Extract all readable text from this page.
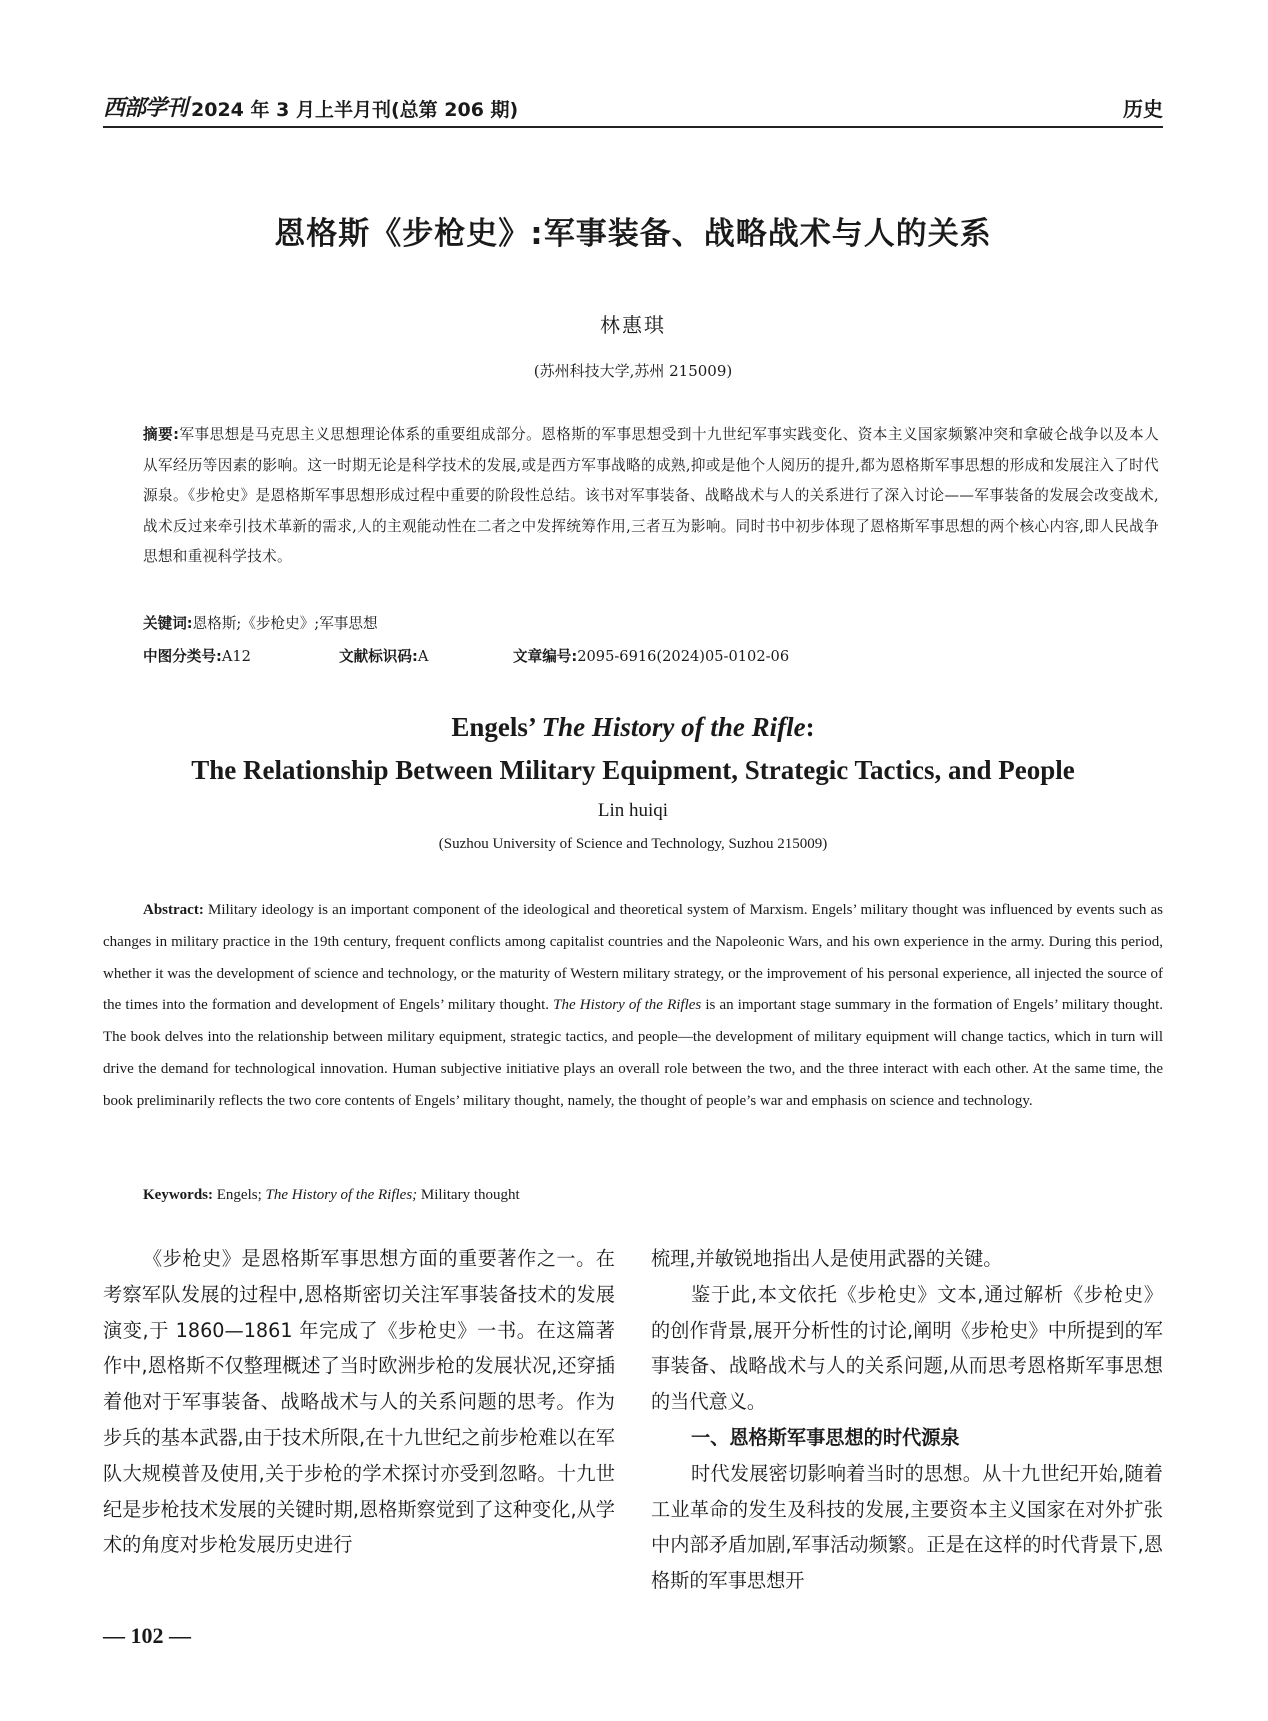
西部学刊 2024 年 3 月上半月刊(总第 206 期)	历史
恩格斯《步枪史》:军事装备、战略战术与人的关系
林惠琪
(苏州科技大学,苏州 215009)
摘要:军事思想是马克思主义思想理论体系的重要组成部分。恩格斯的军事思想受到十九世纪军事实践变化、资本主义国家频繁冲突和拿破仑战争以及本人从军经历等因素的影响。这一时期无论是科学技术的发展,或是西方军事战略的成熟,抑或是他个人阅历的提升,都为恩格斯军事思想的形成和发展注入了时代源泉。《步枪史》是恩格斯军事思想形成过程中重要的阶段性总结。该书对军事装备、战略战术与人的关系进行了深入讨论——军事装备的发展会改变战术,战术反过来牵引技术革新的需求,人的主观能动性在二者之中发挥统筹作用,三者互为影响。同时书中初步体现了恩格斯军事思想的两个核心内容,即人民战争思想和重视科学技术。
关键词:恩格斯;《步枪史》;军事思想
中图分类号:A12	文献标识码:A	文章编号:2095-6916(2024)05-0102-06
Engels’ The History of the Rifle:
The Relationship Between Military Equipment, Strategic Tactics, and People
Lin huiqi
(Suzhou University of Science and Technology, Suzhou 215009)
Abstract: Military ideology is an important component of the ideological and theoretical system of Marxism. Engels’ military thought was influenced by events such as changes in military practice in the 19th century, frequent conflicts among capitalist countries and the Napoleonic Wars, and his own experience in the army. During this period, whether it was the development of science and technology, or the maturity of Western military strategy, or the improvement of his personal experience, all injected the source of the times into the formation and development of Engels’ military thought. The History of the Rifles is an important stage summary in the formation of Engels’ military thought. The book delves into the relationship between military equipment, strategic tactics, and people—the development of military equipment will change tactics, which in turn will drive the demand for technological innovation. Human subjective initiative plays an overall role between the two, and the three interact with each other. At the same time, the book preliminarily reflects the two core contents of Engels’ military thought, namely, the thought of people’s war and emphasis on science and technology.
Keywords: Engels; The History of the Rifles; Military thought

《步枪史》是恩格斯军事思想方面的重要著作之一。在考察军队发展的过程中,恩格斯密切关注军事装备技术的发展演变,于 1860—1861 年完成了《步枪史》一书。在这篇著作中,恩格斯不仅整理概述了当时欧洲步枪的发展状况,还穿插着他对于军事装备、战略战术与人的关系问题的思考。作为步兵的基本武器,由于技术所限,在十九世纪之前步枪难以在军队大规模普及使用,关于步枪的学术探讨亦受到忽略。十九世纪是步枪技术发展的关键时期,恩格斯察觉到了这种变化,从学术的角度对步枪发展历史进行

梳理,并敏锐地指出人是使用武器的关键。

鉴于此,本文依托《步枪史》文本,通过解析《步枪史》的创作背景,展开分析性的讨论,阐明《步枪史》中所提到的军事装备、战略战术与人的关系问题,从而思考恩格斯军事思想的当代意义。

一、恩格斯军事思想的时代源泉

时代发展密切影响着当时的思想。从十九世纪开始,随着工业革命的发生及科技的发展,主要资本主义国家在对外扩张中内部矛盾加剧,军事活动频繁。正是在这样的时代背景下,恩格斯的军事思想开

— 102 —
